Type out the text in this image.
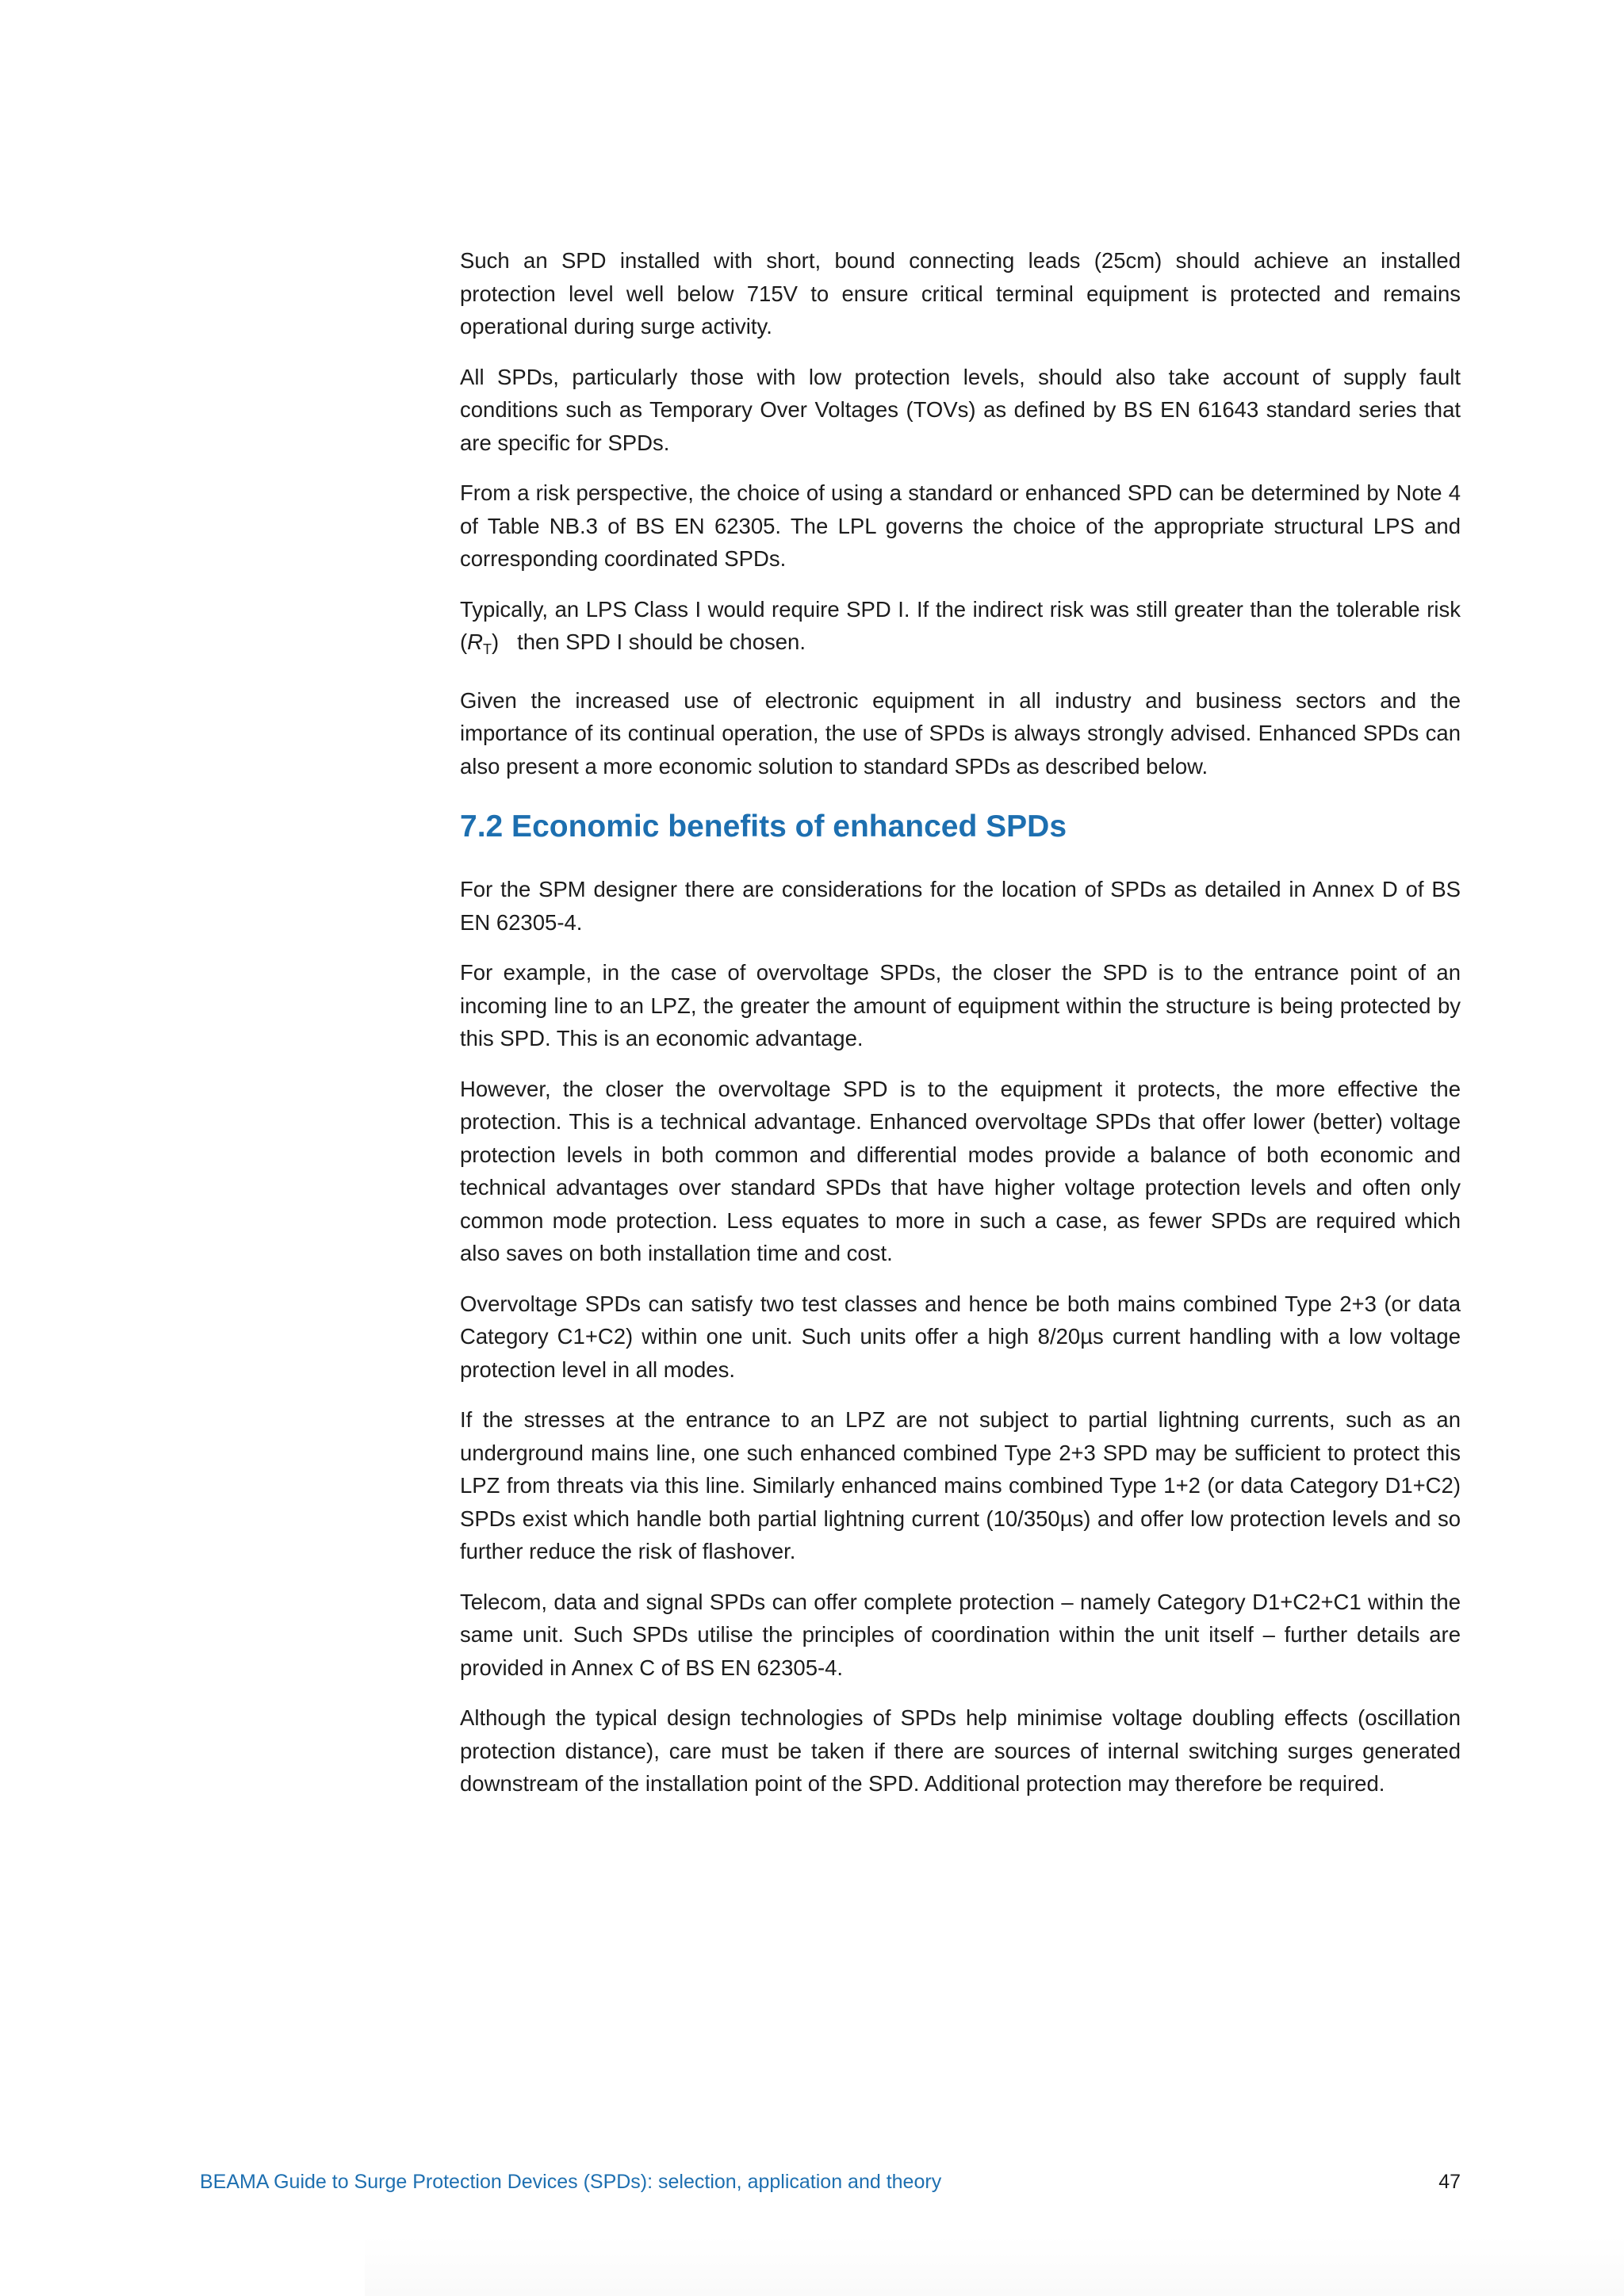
Such an SPD installed with short, bound connecting leads (25cm) should achieve an installed protection level well below 715V to ensure critical terminal equipment is protected and remains operational during surge activity.

All SPDs, particularly those with low protection levels, should also take account of supply fault conditions such as Temporary Over Voltages (TOVs) as defined by BS EN 61643 standard series that are specific for SPDs.

From a risk perspective, the choice of using a standard or enhanced SPD can be determined by Note 4 of Table NB.3 of BS EN 62305. The LPL governs the choice of the appropriate structural LPS and corresponding coordinated SPDs.

Typically, an LPS Class I would require SPD I. If the indirect risk was still greater than the tolerable risk $(R_T)$   then SPD I should be chosen.

Given the increased use of electronic equipment in all industry and business sectors and the importance of its continual operation, the use of SPDs is always strongly advised. Enhanced SPDs can also present a more economic solution to standard SPDs as described below.

7.2 Economic benefits of enhanced SPDs

For the SPM designer there are considerations for the location of SPDs as detailed in Annex D of BS EN 62305-4.

For example, in the case of overvoltage SPDs, the closer the SPD is to the entrance point of an incoming line to an LPZ, the greater the amount of equipment within the structure is being protected by this SPD. This is an economic advantage.

However, the closer the overvoltage SPD is to the equipment it protects, the more effective the protection. This is a technical advantage. Enhanced overvoltage SPDs that offer lower (better) voltage protection levels in both common and differential modes provide a balance of both economic and technical advantages over standard SPDs that have higher voltage protection levels and often only common mode protection. Less equates to more in such a case, as fewer SPDs are required which also saves on both installation time and cost.

Overvoltage SPDs can satisfy two test classes and hence be both mains combined Type 2+3 (or data Category C1+C2) within one unit. Such units offer a high 8/20µs current handling with a low voltage protection level in all modes.

If the stresses at the entrance to an LPZ are not subject to partial lightning currents, such as an underground mains line, one such enhanced combined Type 2+3 SPD may be sufficient to protect this LPZ from threats via this line. Similarly enhanced mains combined Type 1+2 (or data Category D1+C2) SPDs exist which handle both partial lightning current (10/350µs) and offer low protection levels and so further reduce the risk of flashover.

Telecom, data and signal SPDs can offer complete protection – namely Category D1+C2+C1 within the same unit. Such SPDs utilise the principles of coordination within the unit itself – further details are provided in Annex C of BS EN 62305-4.

Although the typical design technologies of SPDs help minimise voltage doubling effects (oscillation protection distance), care must be taken if there are sources of internal switching surges generated downstream of the installation point of the SPD. Additional protection may therefore be required.

BEAMA Guide to Surge Protection Devices (SPDs): selection, application and theory	47
